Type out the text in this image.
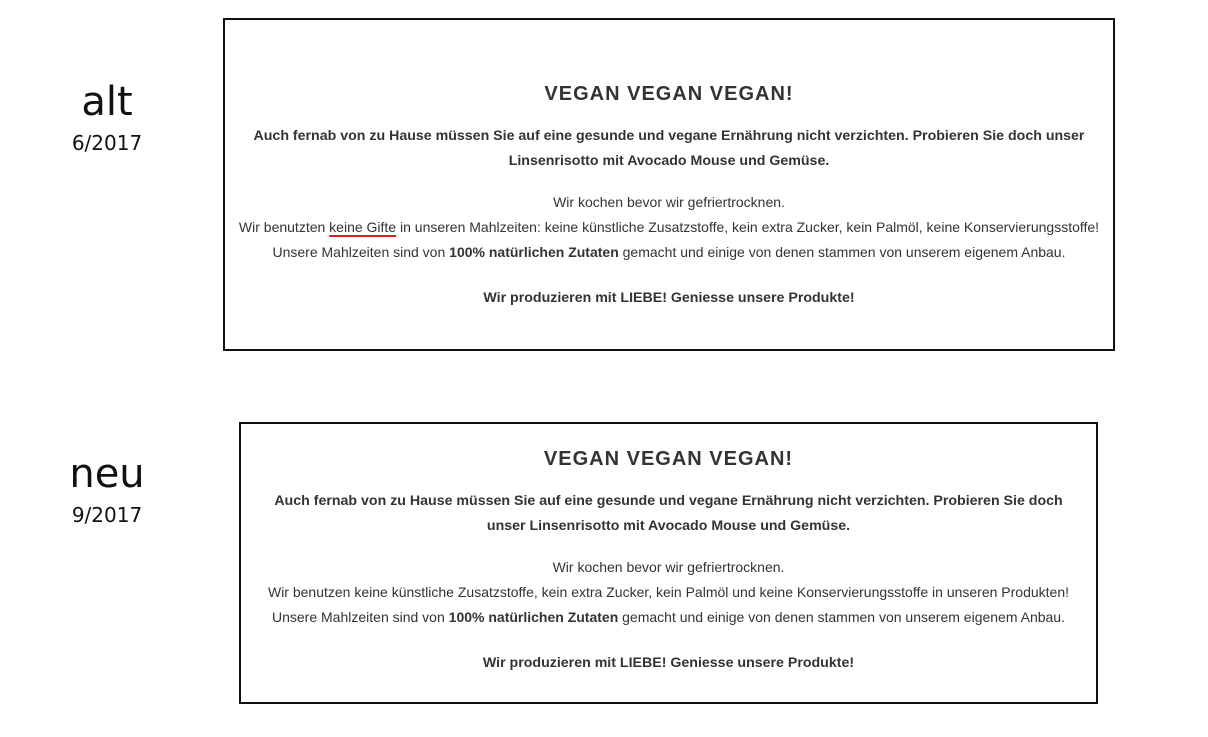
alt
6/2017
VEGAN VEGAN VEGAN!
Auch fernab von zu Hause müssen Sie auf eine gesunde und vegane Ernährung nicht verzichten. Probieren Sie doch unser Linsenrisotto mit Avocado Mouse und Gemüse.

Wir kochen bevor wir gefriertrocknen.

Wir benutzten keine Gifte in unseren Mahlzeiten: keine künstliche Zusatzstoffe, kein extra Zucker, kein Palmöl, keine Konservierungsstoffe!

Unsere Mahlzeiten sind von 100% natürlichen Zutaten gemacht und einige von denen stammen von unserem eigenem Anbau.

Wir produzieren mit LIEBE! Geniesse unsere Produkte!

neu
9/2017
VEGAN VEGAN VEGAN!
Auch fernab von zu Hause müssen Sie auf eine gesunde und vegane Ernährung nicht verzichten. Probieren Sie doch unser Linsenrisotto mit Avocado Mouse und Gemüse.

Wir kochen bevor wir gefriertrocknen.

Wir benutzen keine künstliche Zusatzstoffe, kein extra Zucker, kein Palmöl und keine Konservierungsstoffe in unseren Produkten!

Unsere Mahlzeiten sind von 100% natürlichen Zutaten gemacht und einige von denen stammen von unserem eigenem Anbau.

Wir produzieren mit LIEBE! Geniesse unsere Produkte!
